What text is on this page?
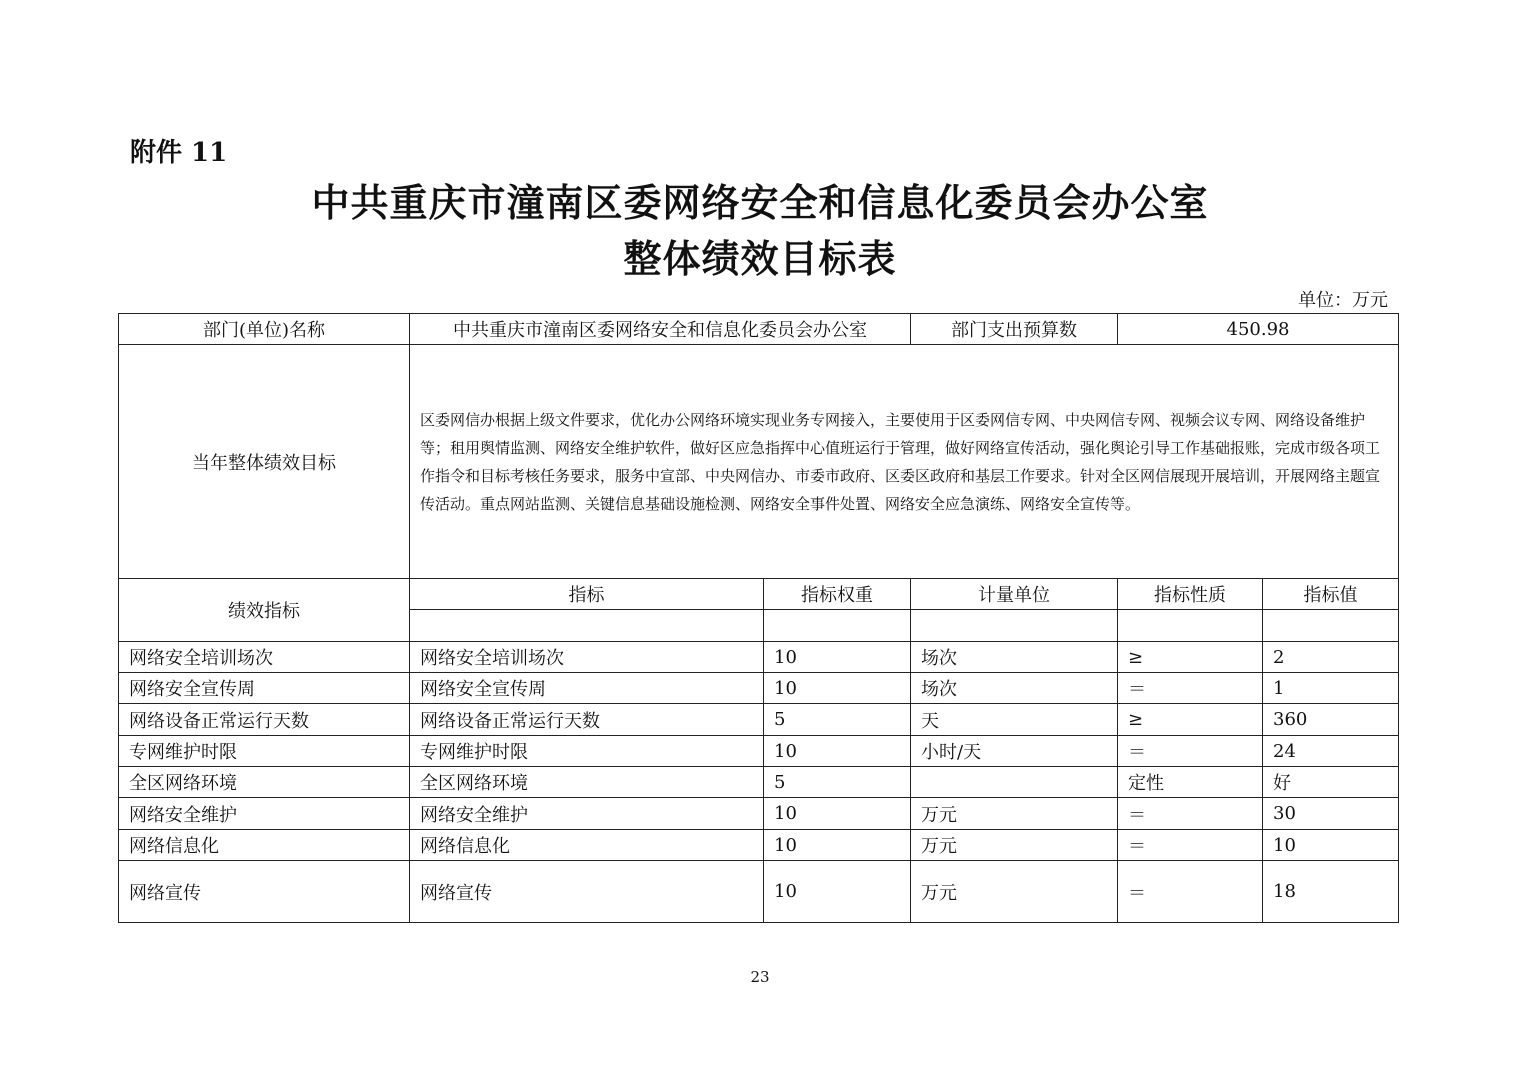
附件 11
中共重庆市潼南区委网络安全和信息化委员会办公室
整体绩效目标表
单位：万元
部门(单位)名称	中共重庆市潼南区委网络安全和信息化委员会办公室		部门支出预算数	450.98	
当年整体绩效目标	区委网信办根据上级文件要求，优化办公网络环境实现业务专网接入，主要使用于区委网信专网、中央网信专网、视频会议专网、网络设备维护等；租用舆情监测、网络安全维护软件，做好区应急指挥中心值班运行于管理，做好网络宣传活动，强化舆论引导工作基础报账，完成市级各项工作指令和目标考核任务要求，服务中宣部、中央网信办、市委市政府、区委区政府和基层工作要求。针对全区网信展现开展培训，开展网络主题宣传活动。重点网站监测、关键信息基础设施检测、网络安全事件处置、网络安全应急演练、网络安全宣传等。				
绩效指标	指标	指标权重	计量单位	指标性质	指标值

网络安全培训场次	网络安全培训场次	10	场次	≥	2
网络安全宣传周	网络安全宣传周	10	场次	＝	1
网络设备正常运行天数	网络设备正常运行天数	5	天	≥	360
专网维护时限	专网维护时限	10	小时/天	＝	24
全区网络环境	全区网络环境	5		定性	好
网络安全维护	网络安全维护	10	万元	＝	30
网络信息化	网络信息化	10	万元	＝	10
网络宣传	网络宣传	10	万元	＝	18
23
